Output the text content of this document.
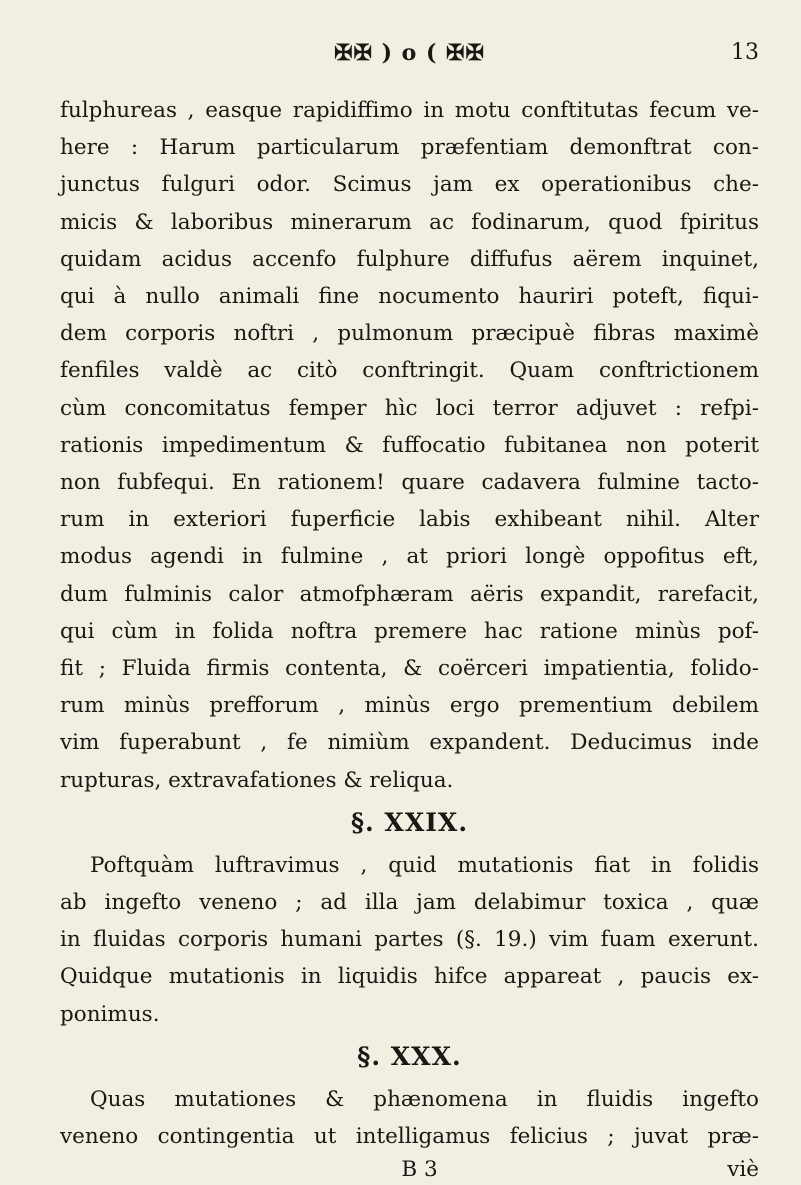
✠✠ ) o ( ✠✠	13
fulphureas , easque rapidiffimo in motu conftitutas fecum ve-
here : Harum particularum præfentiam demonftrat con-
junctus fulguri odor. Scimus jam ex operationibus che-
micis & laboribus minerarum ac fodinarum, quod fpiritus
quidam acidus accenfo fulphure diffufus aërem inquinet,
qui à nullo animali fine nocumento hauriri poteft, fiqui-
dem corporis noftri , pulmonum præcipuè fibras maximè
fenfiles valdè ac citò conftringit. Quam conftrictionem
cùm concomitatus femper hìc loci terror adjuvet : refpi-
rationis impedimentum & fuffocatio fubitanea non poterit
non fubfequi. En rationem! quare cadavera fulmine tacto-
rum in exteriori fuperficie labis exhibeant nihil. Alter
modus agendi in fulmine , at priori longè oppofitus eft,
dum fulminis calor atmofphæram aëris expandit, rarefacit,
qui cùm in folida noftra premere hac ratione minùs pof-
fit ; Fluida firmis contenta, & coërceri impatientia, folido-
rum minùs prefforum , minùs ergo prementium debilem
vim fuperabunt , fe nimiùm expandent. Deducimus inde
rupturas, extravafationes & reliqua.
§. XXIX.
Poftquàm luftravimus , quid mutationis fiat in folidis
ab ingefto veneno ; ad illa jam delabimur toxica , quæ
in fluidas corporis humani partes (§. 19.) vim fuam exerunt.
Quidque mutationis in liquidis hifce appareat , paucis ex-
ponimus.
§. XXX.
Quas mutationes & phænomena in fluidis ingefto
veneno contingentia ut intelligamus felicius ; juvat præ-
B 3	viè
